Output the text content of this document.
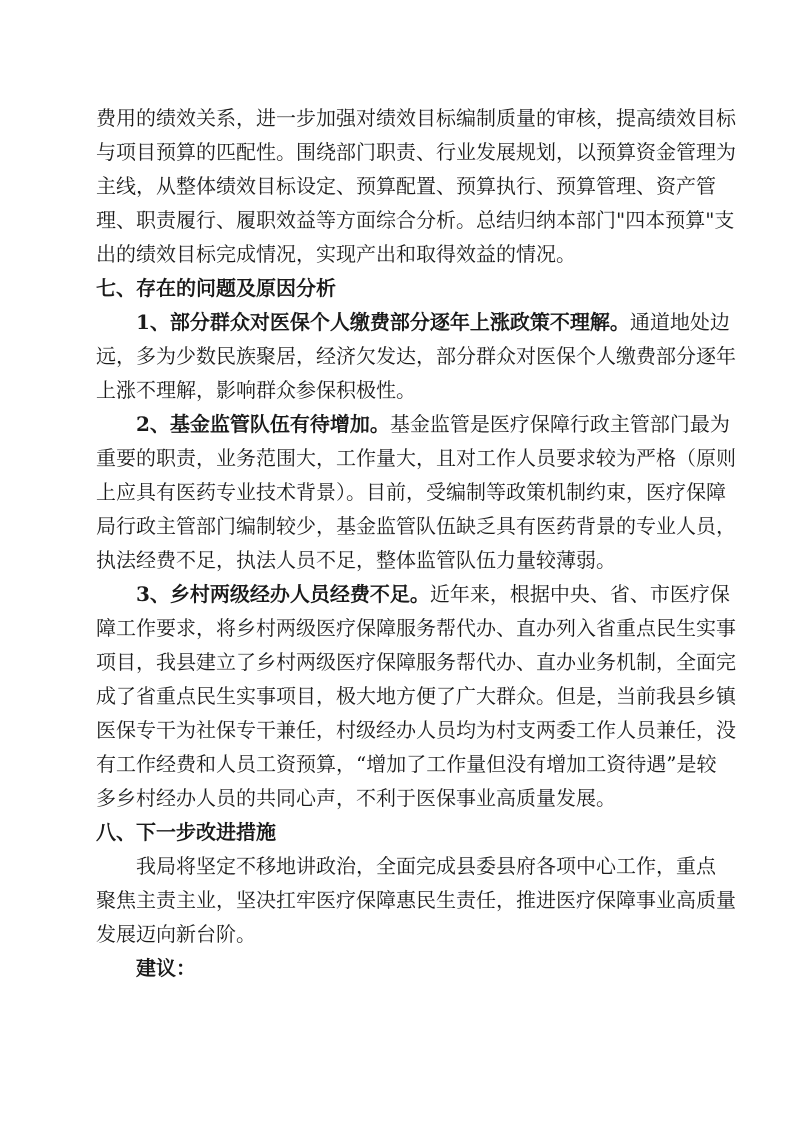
费用的绩效关系，进一步加强对绩效目标编制质量的审核，提高绩效目标
与项目预算的匹配性。围绕部门职责、行业发展规划，以预算资金管理为
主线，从整体绩效目标设定、预算配置、预算执行、预算管理、资产管
理、职责履行、履职效益等方面综合分析。总结归纳本部门"四本预算"支
出的绩效目标完成情况，实现产出和取得效益的情况。
七、存在的问题及原因分析
1、部分群众对医保个人缴费部分逐年上涨政策不理解。通道地处边
远，多为少数民族聚居，经济欠发达，部分群众对医保个人缴费部分逐年
上涨不理解，影响群众参保积极性。
2、基金监管队伍有待增加。基金监管是医疗保障行政主管部门最为
重要的职责，业务范围大，工作量大，且对工作人员要求较为严格（原则
上应具有医药专业技术背景）。目前，受编制等政策机制约束，医疗保障
局行政主管部门编制较少，基金监管队伍缺乏具有医药背景的专业人员，
执法经费不足，执法人员不足，整体监管队伍力量较薄弱。
3、乡村两级经办人员经费不足。近年来，根据中央、省、市医疗保
障工作要求，将乡村两级医疗保障服务帮代办、直办列入省重点民生实事
项目，我县建立了乡村两级医疗保障服务帮代办、直办业务机制，全面完
成了省重点民生实事项目，极大地方便了广大群众。但是，当前我县乡镇
医保专干为社保专干兼任，村级经办人员均为村支两委工作人员兼任，没
有工作经费和人员工资预算，“增加了工作量但没有增加工资待遇”是较
多乡村经办人员的共同心声，不利于医保事业高质量发展。
八、下一步改进措施
我局将坚定不移地讲政治，全面完成县委县府各项中心工作，重点
聚焦主责主业，坚决扛牢医疗保障惠民生责任，推进医疗保障事业高质量
发展迈向新台阶。
建议：
